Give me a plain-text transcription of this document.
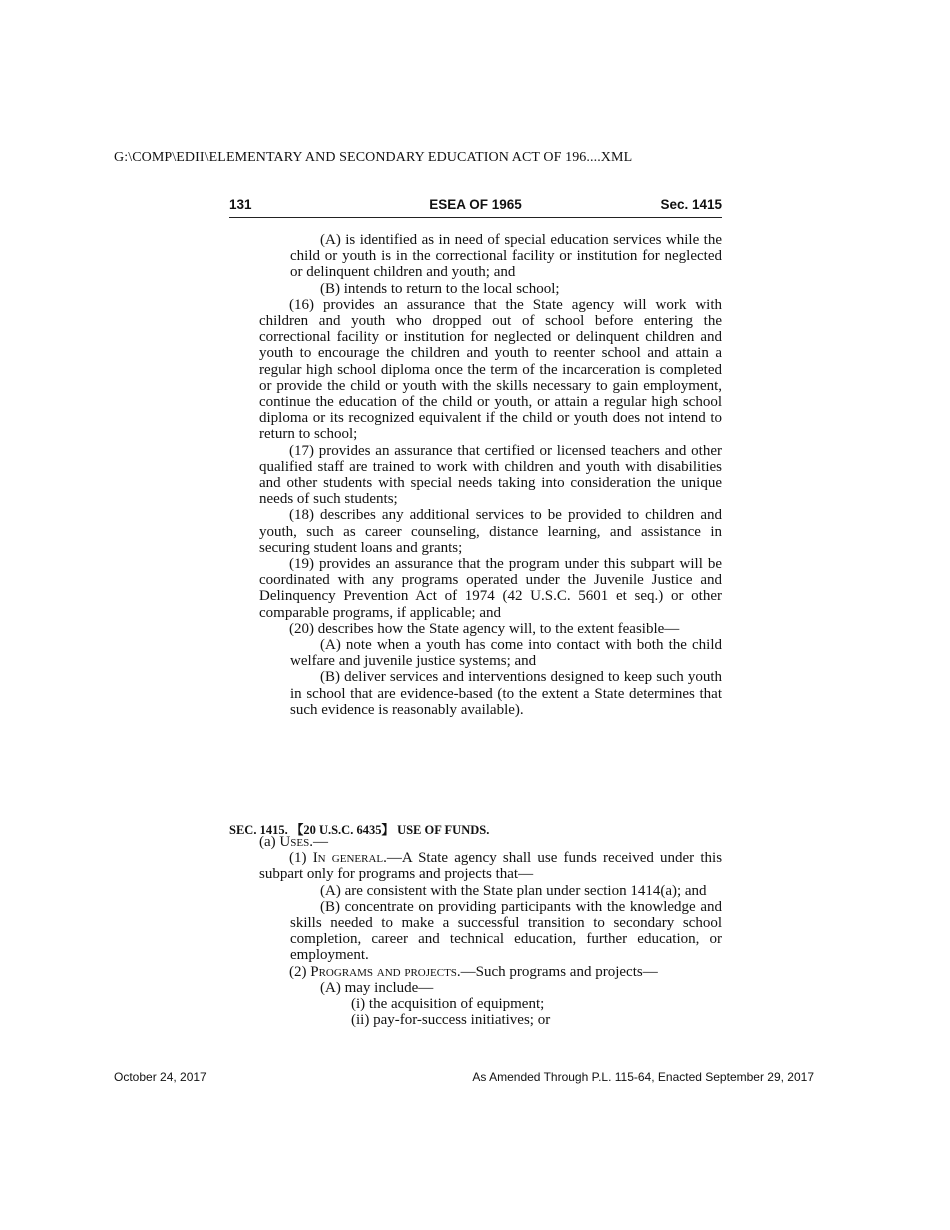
G:\COMP\EDII\ELEMENTARY AND SECONDARY EDUCATION ACT OF 196....XML
131	ESEA OF 1965	Sec. 1415

(A) is identified as in need of special education services while the child or youth is in the correctional facility or institution for neglected or delinquent children and youth; and

(B) intends to return to the local school;

(16) provides an assurance that the State agency will work with children and youth who dropped out of school before entering the correctional facility or institution for neglected or delinquent children and youth to encourage the children and youth to reenter school and attain a regular high school diploma once the term of the incarceration is completed or provide the child or youth with the skills necessary to gain employment, continue the education of the child or youth, or attain a regular high school diploma or its recognized equivalent if the child or youth does not intend to return to school;

(17) provides an assurance that certified or licensed teachers and other qualified staff are trained to work with children and youth with disabilities and other students with special needs taking into consideration the unique needs of such students;

(18) describes any additional services to be provided to children and youth, such as career counseling, distance learning, and assistance in securing student loans and grants;

(19) provides an assurance that the program under this subpart will be coordinated with any programs operated under the Juvenile Justice and Delinquency Prevention Act of 1974 (42 U.S.C. 5601 et seq.) or other comparable programs, if applicable; and

(20) describes how the State agency will, to the extent feasible—

(A) note when a youth has come into contact with both the child welfare and juvenile justice systems; and

(B) deliver services and interventions designed to keep such youth in school that are evidence-based (to the extent a State determines that such evidence is reasonably available).

SEC. 1415. 【20 U.S.C. 6435】 USE OF FUNDS.

(a) Uses.—

(1) In general.—A State agency shall use funds received under this subpart only for programs and projects that—

(A) are consistent with the State plan under section 1414(a); and

(B) concentrate on providing participants with the knowledge and skills needed to make a successful transition to secondary school completion, career and technical education, further education, or employment.

(2) Programs and projects.—Such programs and projects—

(A) may include—

(i) the acquisition of equipment;

(ii) pay-for-success initiatives; or

October 24, 2017	As Amended Through P.L. 115-64, Enacted September 29, 2017
